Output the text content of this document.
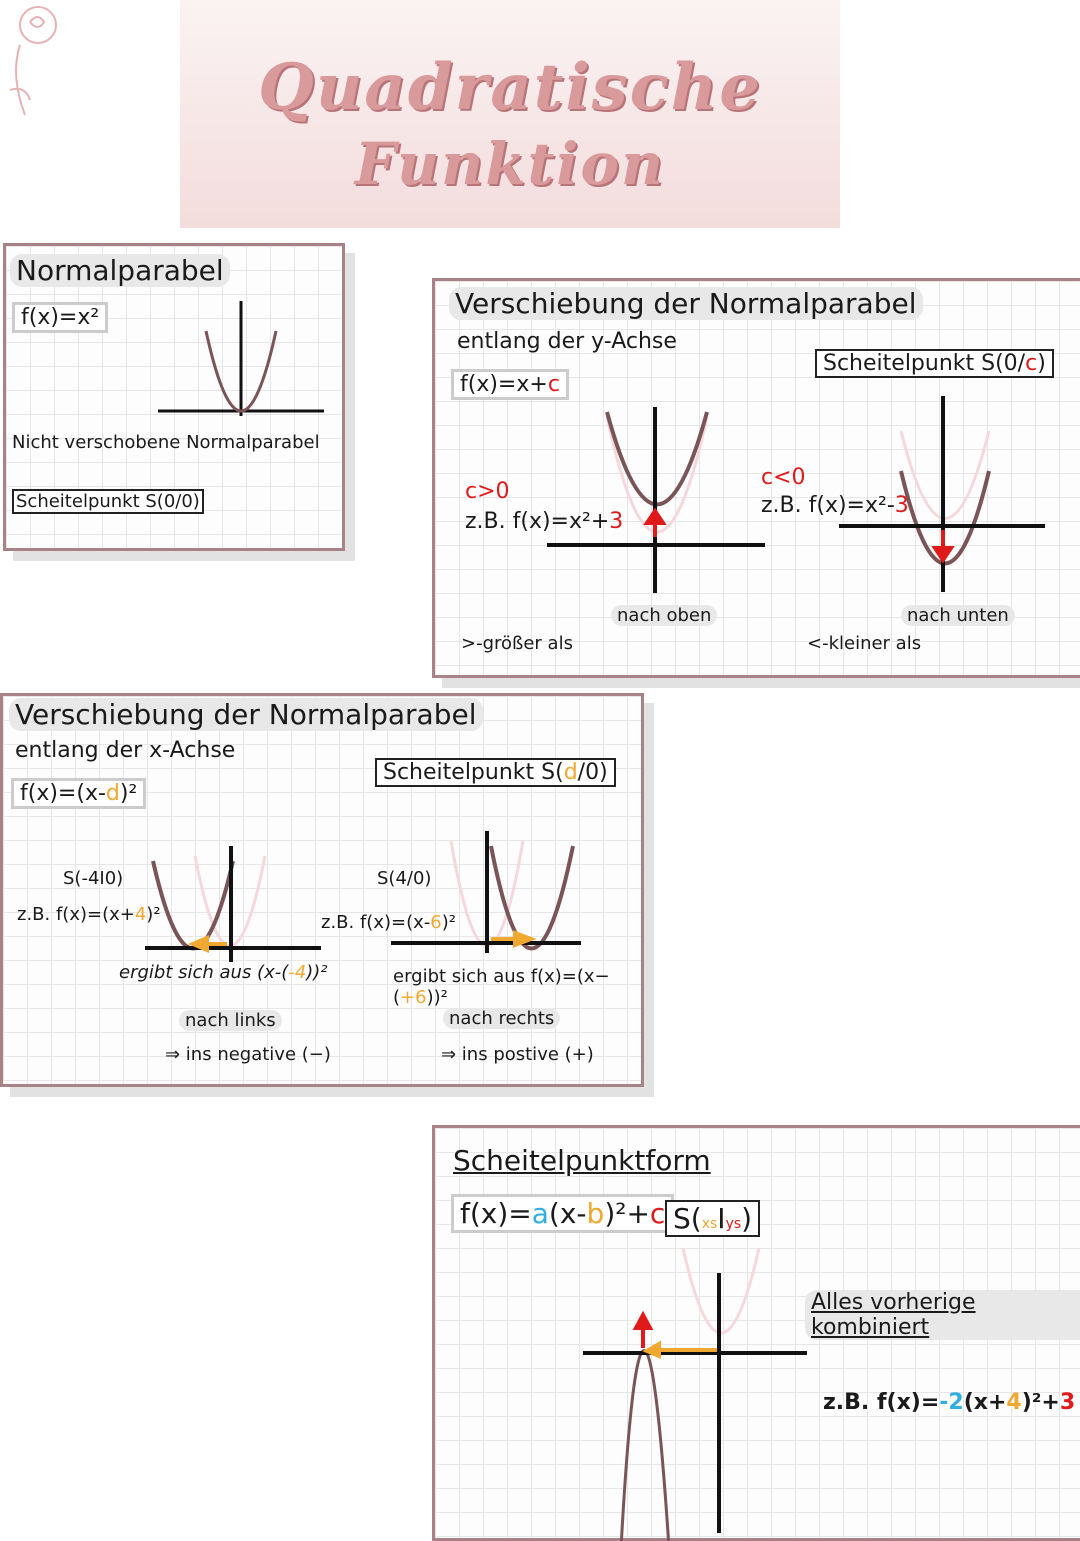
Quadratische
Funktion
Normalparabel
f(x)=x²
Nicht verschobene Normalparabel
Scheitelpunkt S(0/0)
Verschiebung der Normalparabel
entlang der y-Achse
f(x)=x+c
Scheitelpunkt S(0/c)
c>0
z.B. f(x)=x²+3
nach oben
>-größer als
c<0
z.B. f(x)=x²-3
nach unten
<-kleiner als
Verschiebung der Normalparabel
entlang der x-Achse
f(x)=(x-d)²
Scheitelpunkt S(d/0)
S(-4I0)
z.B. f(x)=(x+4)²
ergibt sich aus (x-(-4))²
nach links
⇒ ins negative (−)
S(4/0)
z.B. f(x)=(x-6)²
ergibt sich aus f(x)=(x−(+6))²
nach rechts
⇒ ins postive (+)
Scheitelpunktform
f(x)=a(x-b)²+c S(xsIys)
Alles vorherige kombiniert
z.B. f(x)=-2(x+4)²+3
